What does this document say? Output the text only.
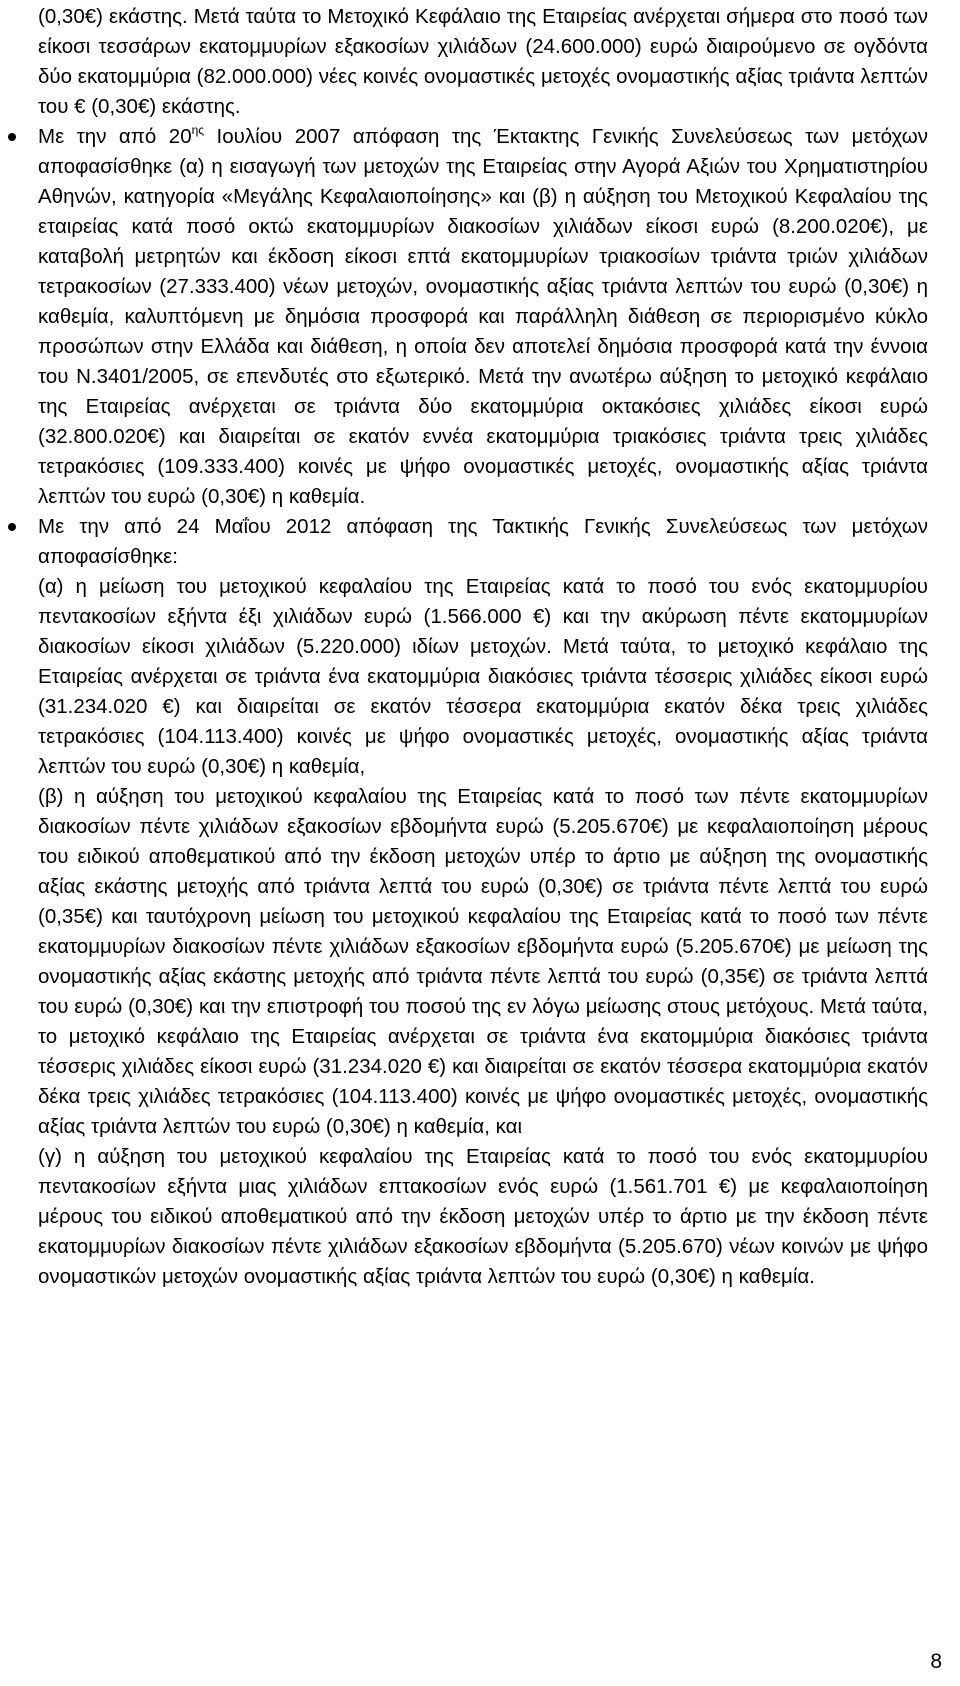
(0,30€) εκάστης. Μετά ταύτα το Μετοχικό Κεφάλαιο της Εταιρείας ανέρχεται σήμερα στο ποσό των είκοσι τεσσάρων εκατομμυρίων εξακοσίων χιλιάδων (24.600.000) ευρώ διαιρούμενο σε ογδόντα δύο εκατομμύρια (82.000.000) νέες κοινές ονομαστικές μετοχές ονομαστικής αξίας τριάντα λεπτών του € (0,30€) εκάστης.

Με την από $20^{\eta\varsigma}$ Ιουλίου 2007 απόφαση της Έκτακτης Γενικής Συνελεύσεως των μετόχων αποφασίσθηκε (α) η εισαγωγή των μετοχών της Εταιρείας στην Αγορά Αξιών του Χρηματιστηρίου Αθηνών, κατηγορία «Μεγάλης Κεφαλαιοποίησης» και (β) η αύξηση του Μετοχικού Κεφαλαίου της εταιρείας κατά ποσό οκτώ εκατομμυρίων διακοσίων χιλιάδων είκοσι ευρώ (8.200.020€), με καταβολή μετρητών και έκδοση είκοσι επτά εκατομμυρίων τριακοσίων τριάντα τριών χιλιάδων τετρακοσίων (27.333.400) νέων μετοχών, ονομαστικής αξίας τριάντα λεπτών του ευρώ (0,30€) η καθεμία, καλυπτόμενη με δημόσια προσφορά και παράλληλη διάθεση σε περιορισμένο κύκλο προσώπων στην Ελλάδα και διάθεση, η οποία δεν αποτελεί δημόσια προσφορά κατά την έννοια του Ν.3401/2005, σε επενδυτές στο εξωτερικό. Μετά την ανωτέρω αύξηση το μετοχικό κεφάλαιο της Εταιρείας ανέρχεται σε τριάντα δύο εκατομμύρια οκτακόσιες χιλιάδες είκοσι ευρώ (32.800.020€) και διαιρείται σε εκατόν εννέα εκατομμύρια τριακόσιες τριάντα τρεις χιλιάδες τετρακόσιες (109.333.400) κοινές με ψήφο ονομαστικές μετοχές, ονομαστικής αξίας τριάντα λεπτών του ευρώ (0,30€) η καθεμία.

Με την από 24 Μαΐου 2012 απόφαση της Τακτικής Γενικής Συνελεύσεως των μετόχων αποφασίσθηκε:

(α) η μείωση του μετοχικού κεφαλαίου της Εταιρείας κατά το ποσό του ενός εκατομμυρίου πεντακοσίων εξήντα έξι χιλιάδων ευρώ (1.566.000 €) και την ακύρωση πέντε εκατομμυρίων διακοσίων είκοσι χιλιάδων (5.220.000) ιδίων μετοχών. Μετά ταύτα, το μετοχικό κεφάλαιο της Εταιρείας ανέρχεται σε τριάντα ένα εκατομμύρια διακόσιες τριάντα τέσσερις χιλιάδες είκοσι ευρώ (31.234.020 €) και διαιρείται σε εκατόν τέσσερα εκατομμύρια εκατόν δέκα τρεις χιλιάδες τετρακόσιες (104.113.400) κοινές με ψήφο ονομαστικές μετοχές, ονομαστικής αξίας τριάντα λεπτών του ευρώ (0,30€) η καθεμία,

(β) η αύξηση του μετοχικού κεφαλαίου της Εταιρείας κατά το ποσό των πέντε εκατομμυρίων διακοσίων πέντε χιλιάδων εξακοσίων εβδομήντα ευρώ (5.205.670€) με κεφαλαιοποίηση μέρους του ειδικού αποθεματικού από την έκδοση μετοχών υπέρ το άρτιο με αύξηση της ονομαστικής αξίας εκάστης μετοχής από τριάντα λεπτά του ευρώ (0,30€) σε τριάντα πέντε λεπτά του ευρώ (0,35€) και ταυτόχρονη μείωση του μετοχικού κεφαλαίου της Εταιρείας κατά το ποσό των πέντε εκατομμυρίων διακοσίων πέντε χιλιάδων εξακοσίων εβδομήντα ευρώ (5.205.670€) με μείωση της ονομαστικής αξίας εκάστης μετοχής από τριάντα πέντε λεπτά του ευρώ (0,35€) σε τριάντα λεπτά του ευρώ (0,30€) και την επιστροφή του ποσού της εν λόγω μείωσης στους μετόχους. Μετά ταύτα, το μετοχικό κεφάλαιο της Εταιρείας ανέρχεται σε τριάντα ένα εκατομμύρια διακόσιες τριάντα τέσσερις χιλιάδες είκοσι ευρώ (31.234.020 €) και διαιρείται σε εκατόν τέσσερα εκατομμύρια εκατόν δέκα τρεις χιλιάδες τετρακόσιες (104.113.400) κοινές με ψήφο ονομαστικές μετοχές, ονομαστικής αξίας τριάντα λεπτών του ευρώ (0,30€) η καθεμία, και

(γ) η αύξηση του μετοχικού κεφαλαίου της Εταιρείας κατά το ποσό του ενός εκατομμυρίου πεντακοσίων εξήντα μιας χιλιάδων επτακοσίων ενός ευρώ (1.561.701 €) με κεφαλαιοποίηση μέρους του ειδικού αποθεματικού από την έκδοση μετοχών υπέρ το άρτιο με την έκδοση πέντε εκατομμυρίων διακοσίων πέντε χιλιάδων εξακοσίων εβδομήντα (5.205.670) νέων κοινών με ψήφο ονομαστικών μετοχών ονομαστικής αξίας τριάντα λεπτών του ευρώ (0,30€) η καθεμία.

8
